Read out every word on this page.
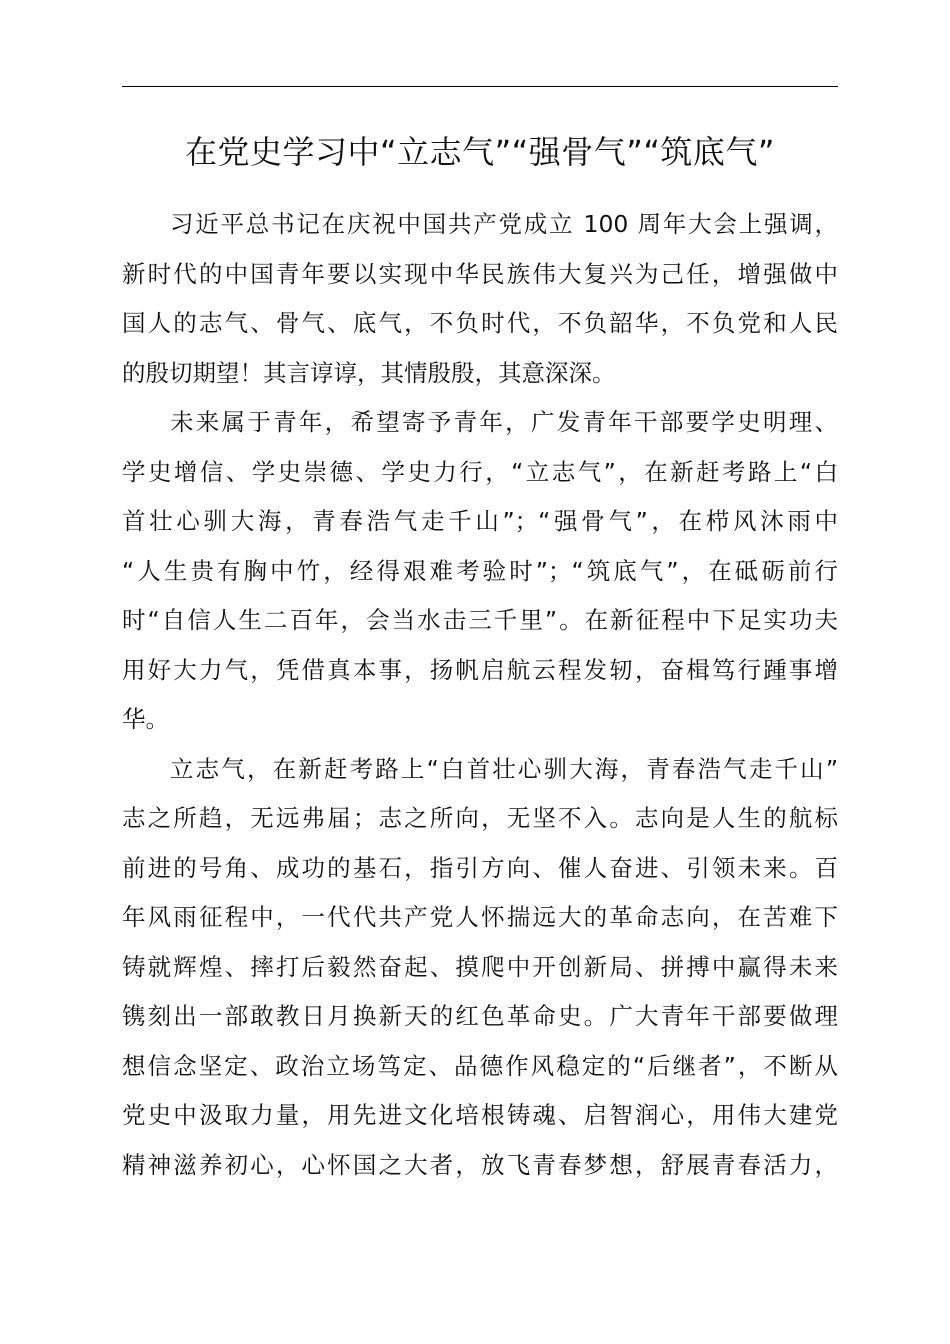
在党史学习中“立志气”“强骨气”“筑底气”

习近平总书记在庆祝中国共产党成立 100 周年大会上强调，
新时代的中国青年要以实现中华民族伟大复兴为己任，增强做中
国人的志气、骨气、底气，不负时代，不负韶华，不负党和人民
的殷切期望！其言谆谆，其情殷殷，其意深深。

未来属于青年，希望寄予青年，广发青年干部要学史明理、
学史增信、学史崇德、学史力行，“立志气”，在新赶考路上“白
首壮心驯大海，青春浩气走千山”；“强骨气”，在栉风沐雨中
“人生贵有胸中竹，经得艰难考验时”；“筑底气”，在砥砺前行
时“自信人生二百年，会当水击三千里”。在新征程中下足实功夫
用好大力气，凭借真本事，扬帆启航云程发轫，奋楫笃行踵事增
华。

立志气，在新赶考路上“白首壮心驯大海，青春浩气走千山”
志之所趋，无远弗届；志之所向，无坚不入。志向是人生的航标
前进的号角、成功的基石，指引方向、催人奋进、引领未来。百
年风雨征程中，一代代共产党人怀揣远大的革命志向，在苦难下
铸就辉煌、摔打后毅然奋起、摸爬中开创新局、拼搏中赢得未来
镌刻出一部敢教日月换新天的红色革命史。广大青年干部要做理
想信念坚定、政治立场笃定、品德作风稳定的“后继者”，不断从
党史中汲取力量，用先进文化培根铸魂、启智润心，用伟大建党
精神滋养初心，心怀国之大者，放飞青春梦想，舒展青春活力，
